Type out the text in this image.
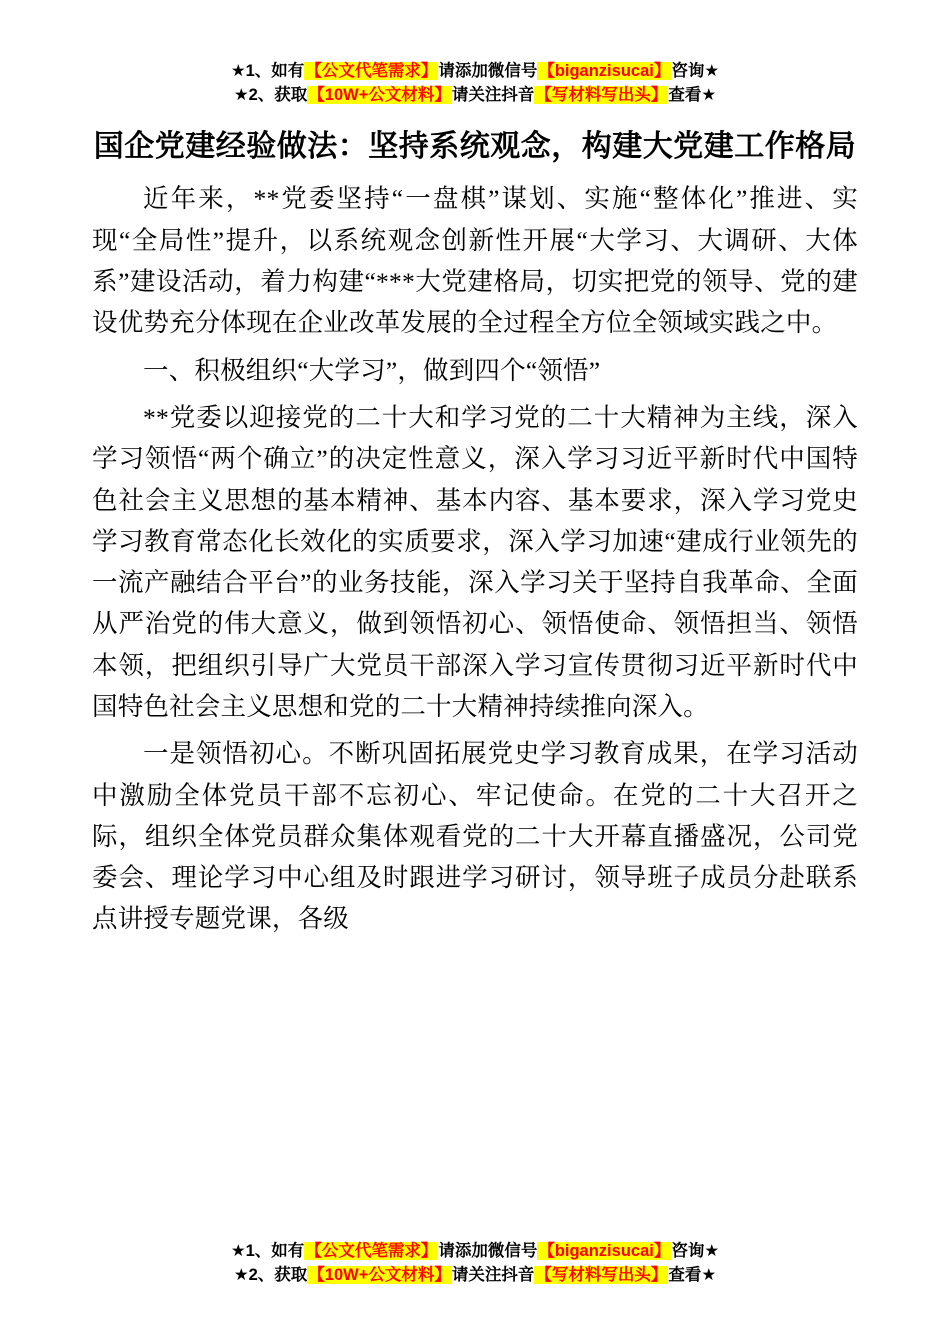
★1、如有【公文代笔需求】请添加微信号【biganzisucai】咨询★
★2、获取【10W+公文材料】请关注抖音【写材料写出头】查看★
国企党建经验做法：坚持系统观念，构建大党建工作格局

近年来，**党委坚持“一盘棋”谋划、实施“整体化”推进、实现“全局性”提升，以系统观念创新性开展“大学习、大调研、大体系”建设活动，着力构建“***大党建格局，切实把党的领导、党的建设优势充分体现在企业改革发展的全过程全方位全领域实践之中。

一、积极组织“大学习”，做到四个“领悟”

**党委以迎接党的二十大和学习党的二十大精神为主线，深入学习领悟“两个确立”的决定性意义，深入学习习近平新时代中国特色社会主义思想的基本精神、基本内容、基本要求，深入学习党史学习教育常态化长效化的实质要求，深入学习加速“建成行业领先的一流产融结合平台”的业务技能，深入学习关于坚持自我革命、全面从严治党的伟大意义，做到领悟初心、领悟使命、领悟担当、领悟本领，把组织引导广大党员干部深入学习宣传贯彻习近平新时代中国特色社会主义思想和党的二十大精神持续推向深入。

一是领悟初心。不断巩固拓展党史学习教育成果，在学习活动中激励全体党员干部不忘初心、牢记使命。在党的二十大召开之际，组织全体党员群众集体观看党的二十大开幕直播盛况，公司党委会、理论学习中心组及时跟进学习研讨，领导班子成员分赴联系点讲授专题党课，各级

★1、如有【公文代笔需求】请添加微信号【biganzisucai】咨询★
★2、获取【10W+公文材料】请关注抖音【写材料写出头】查看★
